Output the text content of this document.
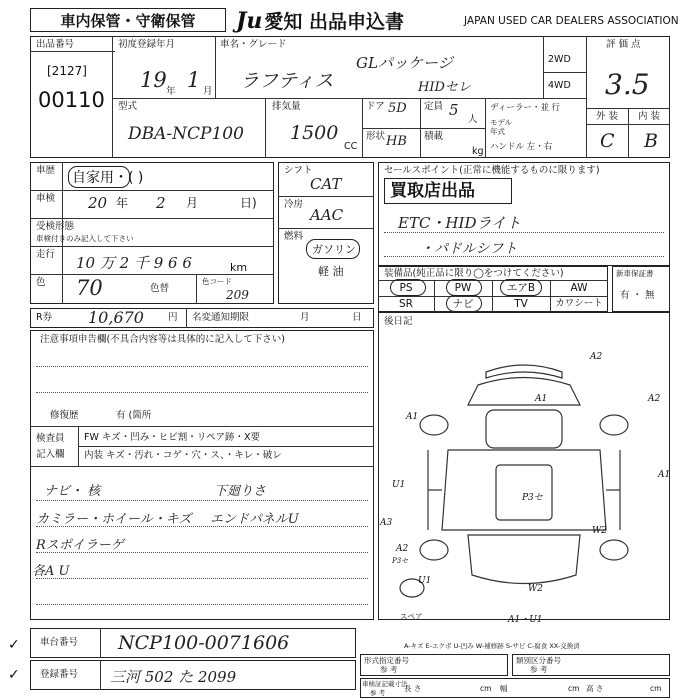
車内保管・守衛保管	Ju 愛知 出品申込書	JAPAN USED CAR DEALERS ASSOCIATION
出品番号
[2127]
00110
初度登録年月
19 年 1 月
車名・グレード
ラフティス
GLパッケージ
HIDセレ
2WD
4WD
評 価 点
3.5
型式
DBA-NCP100
排気量
1500
CC
ドア 5D 定員 5
人
形状 HB 積載
kg
ディーラー・並 行
モデル
年式
ハンドル 左・右
外 装 内 装
C B
車歴 自家用・( )
車検 20 年 2 月	日)
受検形態
車検付きのみ記入して下さい
走行 10 万 2 千 9 6 6	km
色 70	色替
色コード
209
シフト
CAT
冷房
AAC
燃料
ガソリン
軽 油
セールスポイント(正常に機能するものに限ります)
買取店出品
ETC・HIDライト
・パドルシフト
装備品(純正品に限り◯をつけてください)
PS	PW	エアB	AW
SR	ナビ	TV	カワシート
新車保証書
有 ・ 無
R券 10,670	円 名変通知期限	月	日 後日記
A2
A1	A2
A1
A1
U1
P3セ
A3
W2
A2
P3セ
U1
W2
A1・U1
スペア
A-キズ E-エクボ U-凹み W-補修跡 S-サビ C-腐食 XX-交換済
注意事項申告欄(不具合内容等は具体的に記入して下さい)
修復歴	有 (箇所
検査員
記入欄
FW キズ・凹み・ヒビ割・リペア跡・X要
内装 キズ・汚れ・コゲ・穴・ス、・キレ・破レ
ナビ・ 核	下廻りさ
カミラー・ホイール・キズ エンドパネルU
Rスポイラーゲ
各A U
車台番号 NCP100-0071606
登録番号 三河 502 た 2099
形式指定番号
参 考
類別区分番号
参 考
車検証記載寸法
参 考	長 さ	cm 幅	cm 高 さ	cm
✓
✓
